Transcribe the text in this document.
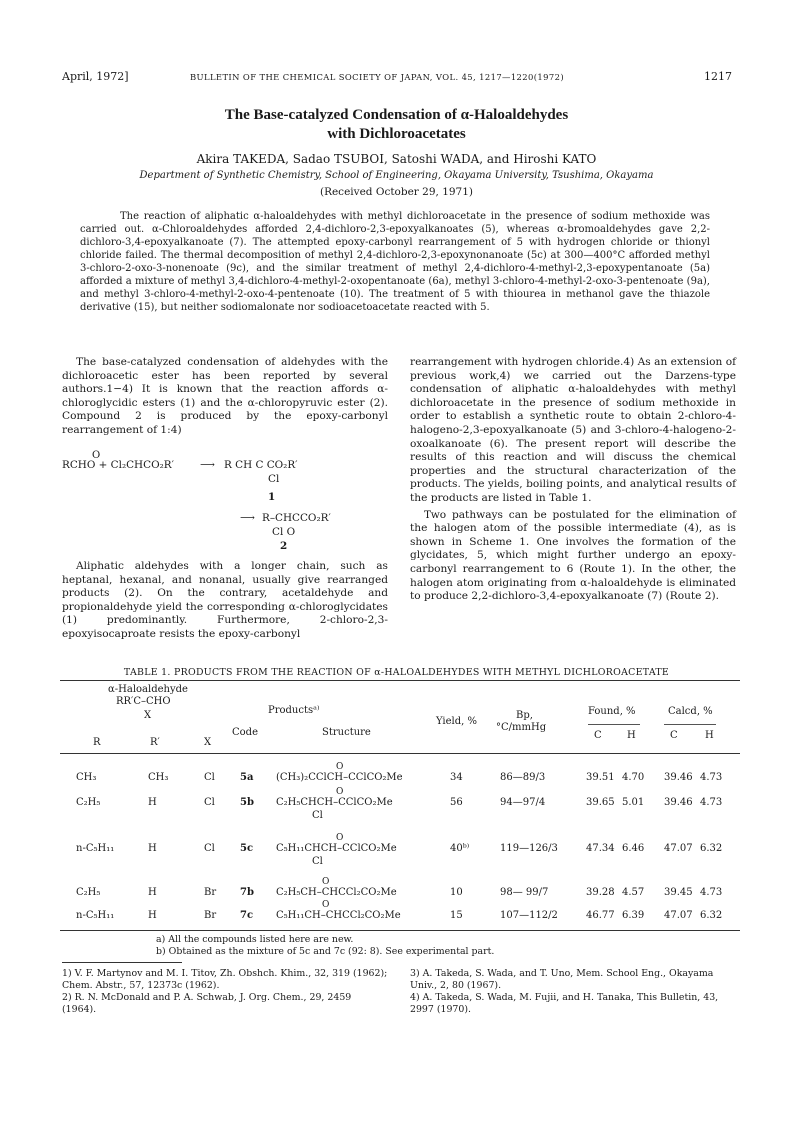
April, 1972]	BULLETIN OF THE CHEMICAL SOCIETY OF JAPAN, VOL. 45, 1217—1220(1972)	1217
The Base-catalyzed Condensation of α-Haloaldehydes
with Dichloroacetates
Akira TAKEDA, Sadao TSUBOI, Satoshi WADA, and Hiroshi KATO
Department of Synthetic Chemistry, School of Engineering, Okayama University, Tsushima, Okayama
(Received October 29, 1971)
The reaction of aliphatic α-haloaldehydes with methyl dichloroacetate in the presence of sodium methoxide was carried out. α-Chloroaldehydes afforded 2,4-dichloro-2,3-epoxyalkanoates (5), whereas α-bromoaldehydes gave 2,2-dichloro-3,4-epoxyalkanoate (7). The attempted epoxy-carbonyl rearrangement of 5 with hydrogen chloride or thionyl chloride failed. The thermal decomposition of methyl 2,4-dichloro-2,3-epoxynonanoate (5c) at 300—400°C afforded methyl 3-chloro-2-oxo-3-nonenoate (9c), and the similar treatment of methyl 2,4-dichloro-4-methyl-2,3-epoxypentanoate (5a) afforded a mixture of methyl 3,4-dichloro-4-methyl-2-oxopentanoate (6a), methyl 3-chloro-4-methyl-2-oxo-3-pentenoate (9a), and methyl 3-chloro-4-methyl-2-oxo-4-pentenoate (10). The treatment of 5 with thiourea in methanol gave the thiazole derivative (15), but neither sodiomalonate nor sodioacetoacetate reacted with 5.

The base-catalyzed condensation of aldehydes with the dichloroacetic ester has been reported by several authors.1−4) It is known that the reaction affords α-chloroglycidic esters (1) and the α-chloropyruvic ester (2). Compound 2 is produced by the epoxy-carbonyl rearrangement of 1:4)

O
RCHO + Cl₂CHCO₂R′	⟶ R CH C CO₂R′
Cl
1
⟶ R–CHCCO₂R′
Cl O
2

Aliphatic aldehydes with a longer chain, such as heptanal, hexanal, and nonanal, usually give rearranged products (2). On the contrary, acetaldehyde and propionaldehyde yield the corresponding α-chloroglycidates (1) predominantly. Furthermore, 2-chloro-2,3-epoxyisocaproate resists the epoxy-carbonyl

rearrangement with hydrogen chloride.4) As an extension of previous work,4) we carried out the Darzens-type condensation of aliphatic α-haloaldehydes with methyl dichloroacetate in the presence of sodium methoxide in order to establish a synthetic route to obtain 2-chloro-4-halogeno-2,3-epoxyalkanoate (5) and 3-chloro-4-halogeno-2-oxoalkanoate (6). The present report will describe the results of this reaction and will discuss the chemical properties and the structural characterization of the products. The yields, boiling points, and analytical results of the products are listed in Table 1.

Two pathways can be postulated for the elimination of the halogen atom of the possible intermediate (4), as is shown in Scheme 1. One involves the formation of the glycidates, 5, which might further undergo an epoxy-carbonyl rearrangement to 6 (Route 1). In the other, the halogen atom originating from α-haloaldehyde is eliminated to produce 2,2-dichloro-3,4-epoxyalkanoate (7) (Route 2).

TABLE 1. PRODUCTS FROM THE REACTION OF α-HALOALDEHYDES WITH METHYL DICHLOROACETATE
α-Haloaldehyde
RR′C–CHO
X
R	R′	X
Productsᵃ⁾
Code	Structure
Yield, %
Bp,
°C/mmHg
Found, %	Calcd, %
C	H	C	H
CH₃	CH₃	Cl	5a (CH₃)₂CClCH–CClCO₂Me	34	86—89/3	39.51 4.70 39.46 4.73
O
C₂H₅	H	Cl	5b C₂H₅CHCH–CClCO₂Me	56	94—97/4	39.65 5.01 39.46 4.73
O
Cl
n-C₅H₁₁	H	Cl	5c C₅H₁₁CHCH–CClCO₂Me	40ᵇ⁾	119—126/3	47.34 6.46 47.07 6.32
O
Cl
C₂H₅	H	Br 7b C₂H₅CH–CHCCl₂CO₂Me	10	98— 99/7	39.28 4.57 39.45 4.73
O
n-C₅H₁₁	H	Br 7c C₅H₁₁CH–CHCCl₂CO₂Me	15	107—112/2	46.77 6.39 47.07 6.32
O
a) All the compounds listed here are new.
b) Obtained as the mixture of 5c and 7c (92: 8). See experimental part.
1) V. F. Martynov and M. I. Titov, Zh. Obshch. Khim., 32, 319 (1962); Chem. Abstr., 57, 12373c (1962).
2) R. N. McDonald and P. A. Schwab, J. Org. Chem., 29, 2459 (1964).
3) A. Takeda, S. Wada, and T. Uno, Mem. School Eng., Okayama Univ., 2, 80 (1967).
4) A. Takeda, S. Wada, M. Fujii, and H. Tanaka, This Bulletin, 43, 2997 (1970).
